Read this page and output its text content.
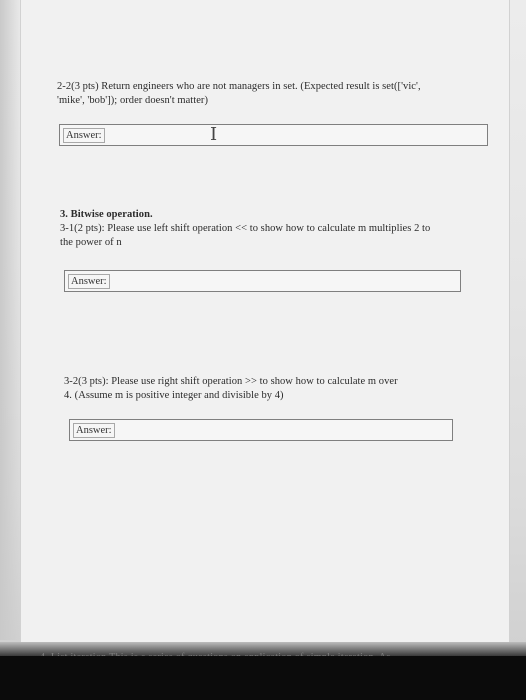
2-2(3 pts) Return engineers who are not managers in set. (Expected result is set(['vic',
'mike', 'bob']); order doesn't matter)
Answer:	I
3. Bitwise operation.
3-1(2 pts): Please use left shift operation << to show how to calculate m multiplies 2 to
the power of n
Answer:
3-2(3 pts): Please use right shift operation >> to show how to calculate m over
4. (Assume m is positive integer and divisible by 4)
Answer:
